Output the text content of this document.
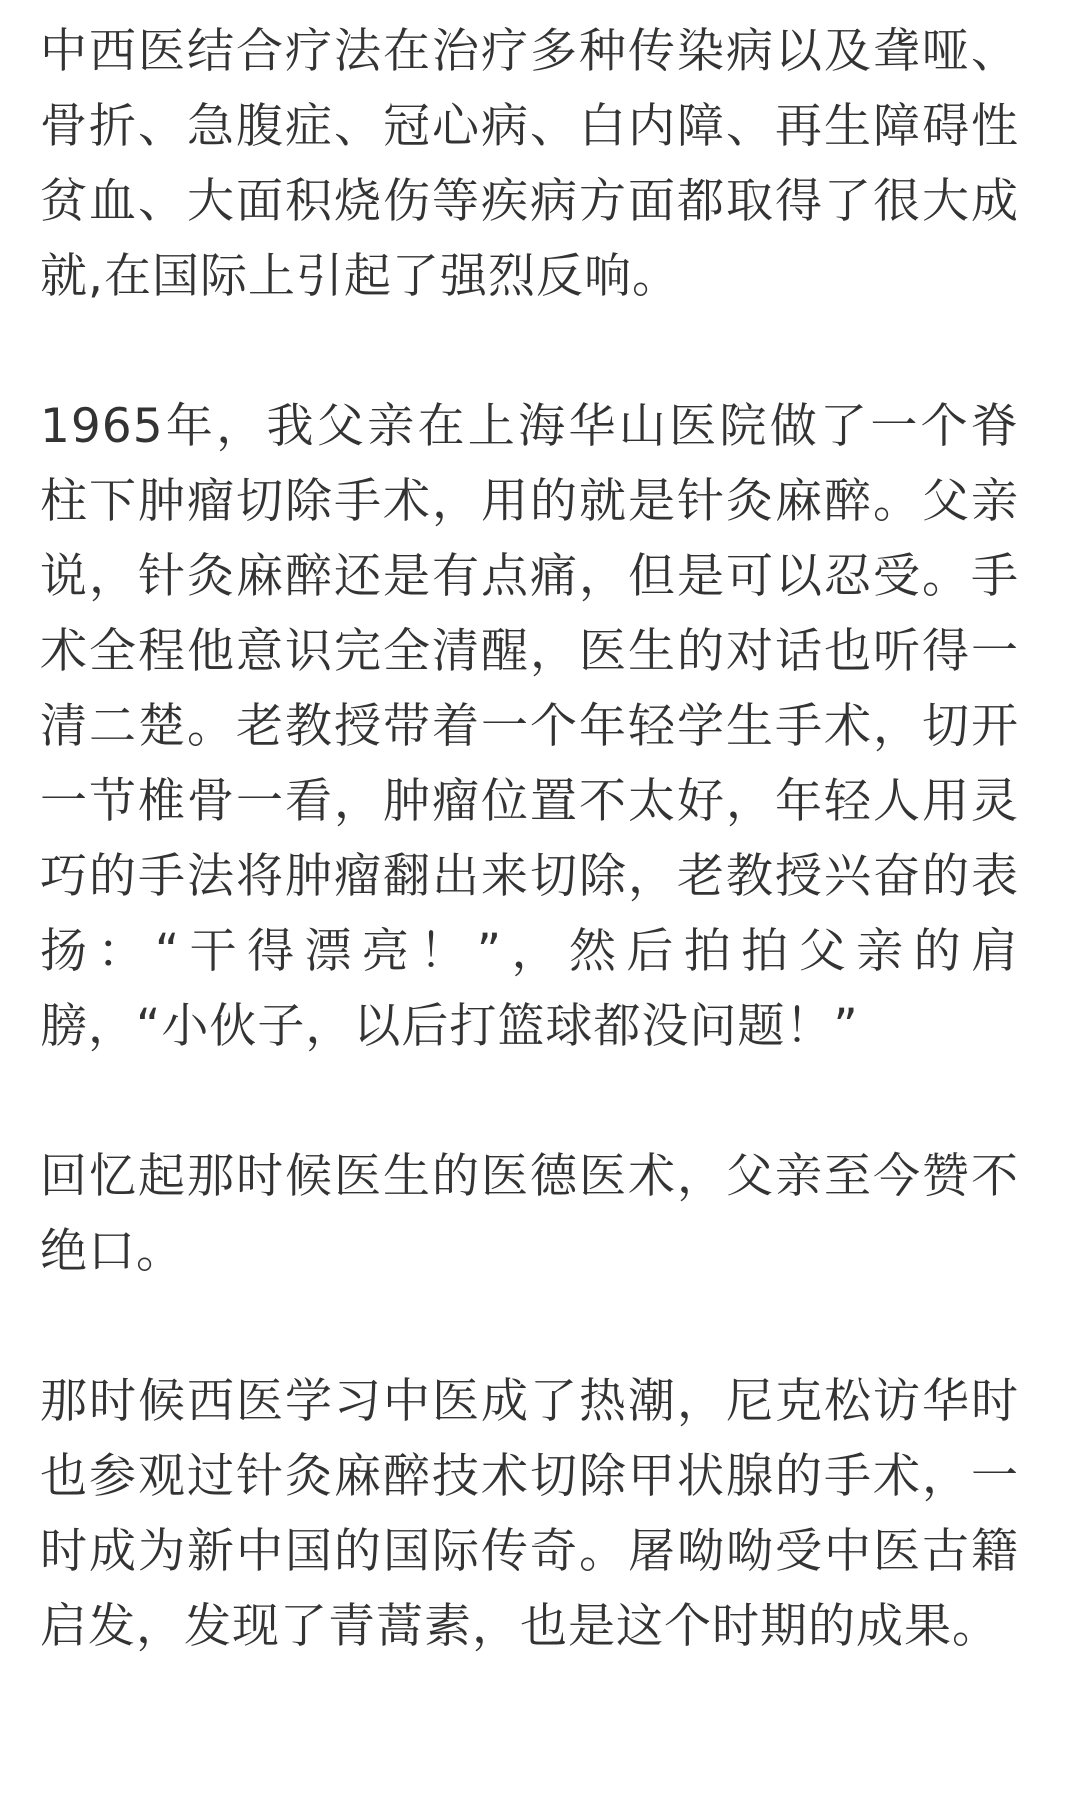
中西医结合疗法在治疗多种传染病以及聋哑、骨折、急腹症、冠心病、白内障、再生障碍性贫血、大面积烧伤等疾病方面都取得了很大成就,在国际上引起了强烈反响。

1965年，我父亲在上海华山医院做了一个脊柱下肿瘤切除手术，用的就是针灸麻醉。父亲说，针灸麻醉还是有点痛，但是可以忍受。手术全程他意识完全清醒，医生的对话也听得一清二楚。老教授带着一个年轻学生手术，切开一节椎骨一看，肿瘤位置不太好，年轻人用灵巧的手法将肿瘤翻出来切除，老教授兴奋的表扬：“干得漂亮！”，然后拍拍父亲的肩膀，“小伙子，以后打篮球都没问题！”

回忆起那时候医生的医德医术，父亲至今赞不绝口。

那时候西医学习中医成了热潮，尼克松访华时也参观过针灸麻醉技术切除甲状腺的手术，一时成为新中国的国际传奇。屠呦呦受中医古籍启发，发现了青蒿素，也是这个时期的成果。
